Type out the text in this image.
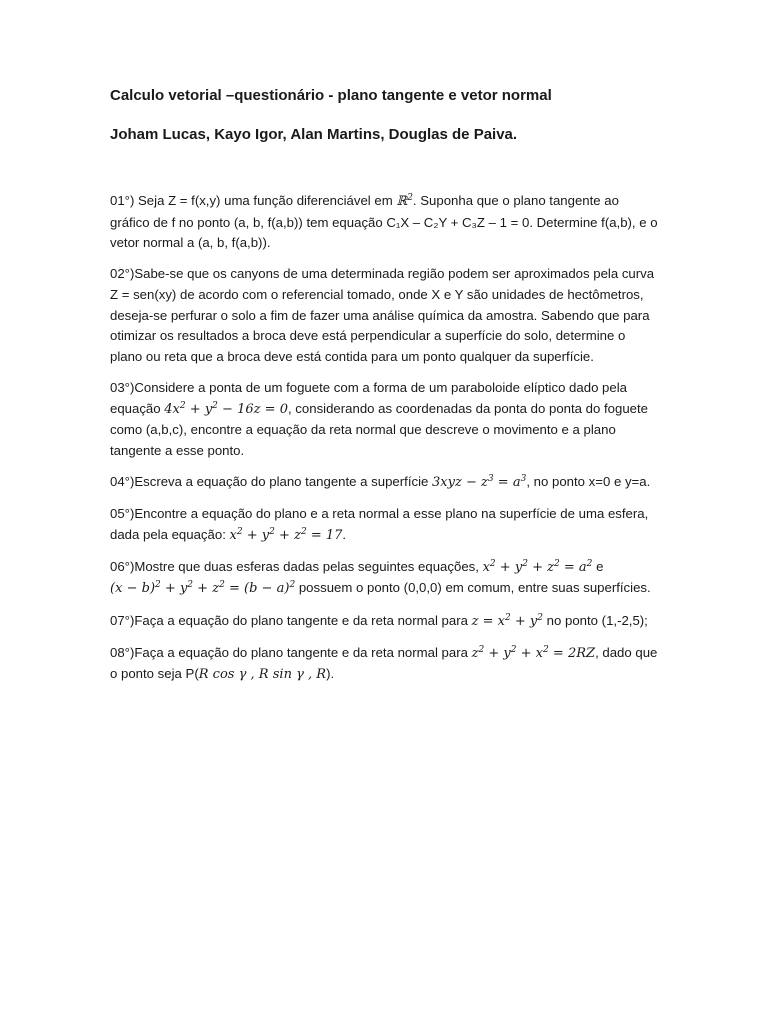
Calculo vetorial –questionário - plano tangente e vetor normal

Joham Lucas, Kayo Igor, Alan Martins, Douglas de Paiva.

01°) Seja Z = f(x,y) uma função diferenciável em ℝ$^2$. Suponha que o plano tangente ao gráfico de f no ponto (a, b, f(a,b)) tem equação C₁X – C₂Y + C₃Z – 1 = 0. Determine f(a,b), e o vetor normal a (a, b, f(a,b)).

02°)Sabe-se que os canyons de uma determinada região podem ser aproximados pela curva Z = sen(xy) de acordo com o referencial tomado, onde X e Y são unidades de hectômetros, deseja-se perfurar o solo a fim de fazer uma análise química da amostra. Sabendo que para otimizar os resultados a broca deve está perpendicular a superfície do solo, determine o plano ou reta que a broca deve está contida para um ponto qualquer da superfície.

03°)Considere a ponta de um foguete com a forma de um paraboloide elíptico dado pela equação $4x^2 + y^2 - 16z = 0$, considerando as coordenadas da ponta do ponta do foguete como (a,b,c), encontre a equação da reta normal que descreve o movimento e a plano tangente a esse ponto.

04°)Escreva a equação do plano tangente a superfície $3xyz - z^3 = a^3$, no ponto x=0 e y=a.

05°)Encontre a equação do plano e a reta normal a esse plano na superfície de uma esfera, dada pela equação: $x^2 + y^2 + z^2 = 17$.

06°)Mostre que duas esferas dadas pelas seguintes equações, $x^2 + y^2 + z^2 = a^2$ e $(x - b)^2 + y^2 + z^2 = (b - a)^2$ possuem o ponto (0,0,0) em comum, entre suas superfícies.

07°)Faça a equação do plano tangente e da reta normal para $z = x^2 + y^2$ no ponto (1,-2,5);

08°)Faça a equação do plano tangente e da reta normal para $z^2 + y^2 + x^2 = 2RZ$, dado que o ponto seja P(R cos γ , R sin γ , R).
